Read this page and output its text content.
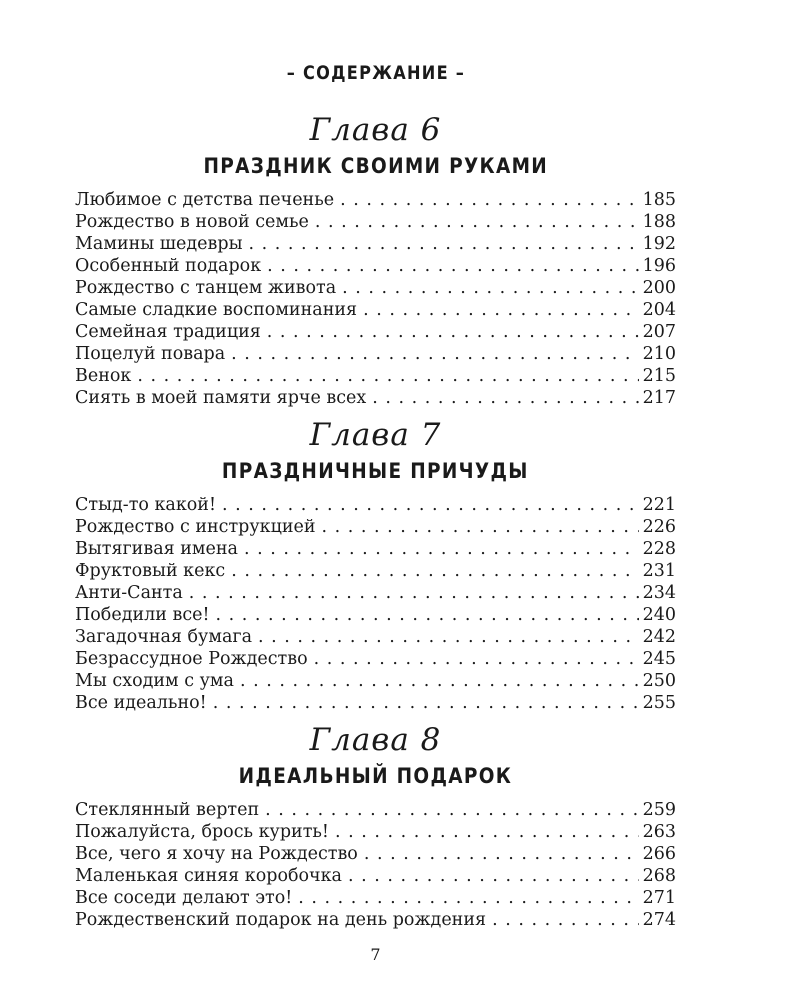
– СОДЕРЖАНИЕ –
Глава 6
ПРАЗДНИК СВОИМИ РУКАМИ
Любимое с детства печенье . . .	185
Рождество в новой семье . . .	188
Мамины шедевры . . .	192
Особенный подарок . . .	196
Рождество с танцем живота . . .	200
Самые сладкие воспоминания . . .	204
Семейная традиция . . .	207
Поцелуй повара . . .	210
Венок . . .	215
Сиять в моей памяти ярче всех . . .	217
Глава 7
ПРАЗДНИЧНЫЕ ПРИЧУДЫ
Стыд-то какой! . . .	221
Рождество с инструкцией . . .	226
Вытягивая имена . . .	228
Фруктовый кекс . . .	231
Анти-Санта . . .	234
Победили все! . . .	240
Загадочная бумага . . .	242
Безрассудное Рождество . . .	245
Мы сходим с ума . . .	250
Все идеально! . . .	255
Глава 8
ИДЕАЛЬНЫЙ ПОДАРОК
Стеклянный вертеп . . .	259
Пожалуйста, брось курить! . . .	263
Все, чего я хочу на Рождество . . .	266
Маленькая синяя коробочка . . .	268
Все соседи делают это! . . .	271
Рождественский подарок на день рождения . . .	274
7
